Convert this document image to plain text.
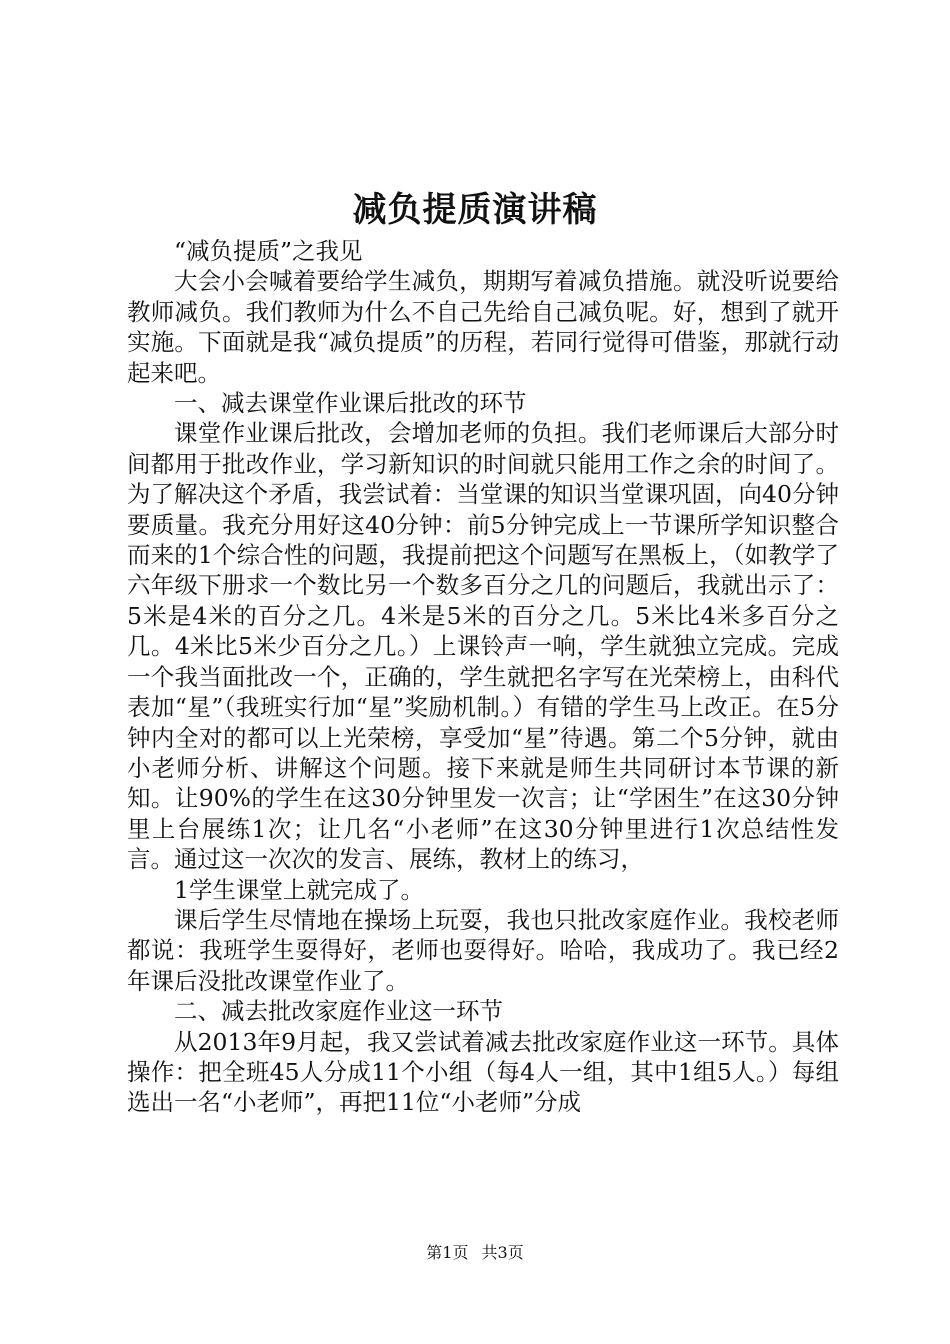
减负提质演讲稿

“减负提质”之我见

大会小会喊着要给学生减负，期期写着减负措施。就没听说要给教师减负。我们教师为什么不自己先给自己减负呢。好，想到了就开实施。下面就是我“减负提质”的历程，若同行觉得可借鉴，那就行动起来吧。

一、减去课堂作业课后批改的环节

课堂作业课后批改，会增加老师的负担。我们老师课后大部分时间都用于批改作业，学习新知识的时间就只能用工作之余的时间了。为了解决这个矛盾，我尝试着：当堂课的知识当堂课巩固，向40分钟要质量。我充分用好这40分钟：前5分钟完成上一节课所学知识整合而来的1个综合性的问题，我提前把这个问题写在黑板上，（如教学了六年级下册求一个数比另一个数多百分之几的问题后，我就出示了：5米是4米的百分之几。4米是5米的百分之几。5米比4米多百分之几。4米比5米少百分之几。）上课铃声一响，学生就独立完成。完成一个我当面批改一个，正确的，学生就把名字写在光荣榜上，由科代表加“星”（我班实行加“星”奖励机制。）有错的学生马上改正。在5分钟内全对的都可以上光荣榜，享受加“星”待遇。第二个5分钟，就由小老师分析、讲解这个问题。接下来就是师生共同研讨本节课的新知。让90%的学生在这30分钟里发一次言；让“学困生”在这30分钟里上台展练1次；让几名“小老师”在这30分钟里进行1次总结性发言。通过这一次次的发言、展练，教材上的练习，

1学生课堂上就完成了。

课后学生尽情地在操场上玩耍，我也只批改家庭作业。我校老师都说：我班学生耍得好，老师也耍得好。哈哈，我成功了。我已经2年课后没批改课堂作业了。

二、减去批改家庭作业这一环节

从2013年9月起，我又尝试着减去批改家庭作业这一环节。具体操作：把全班45人分成11个小组（每4人一组，其中1组5人。）每组选出一名“小老师”，再把11位“小老师”分成

第1页 共3页
